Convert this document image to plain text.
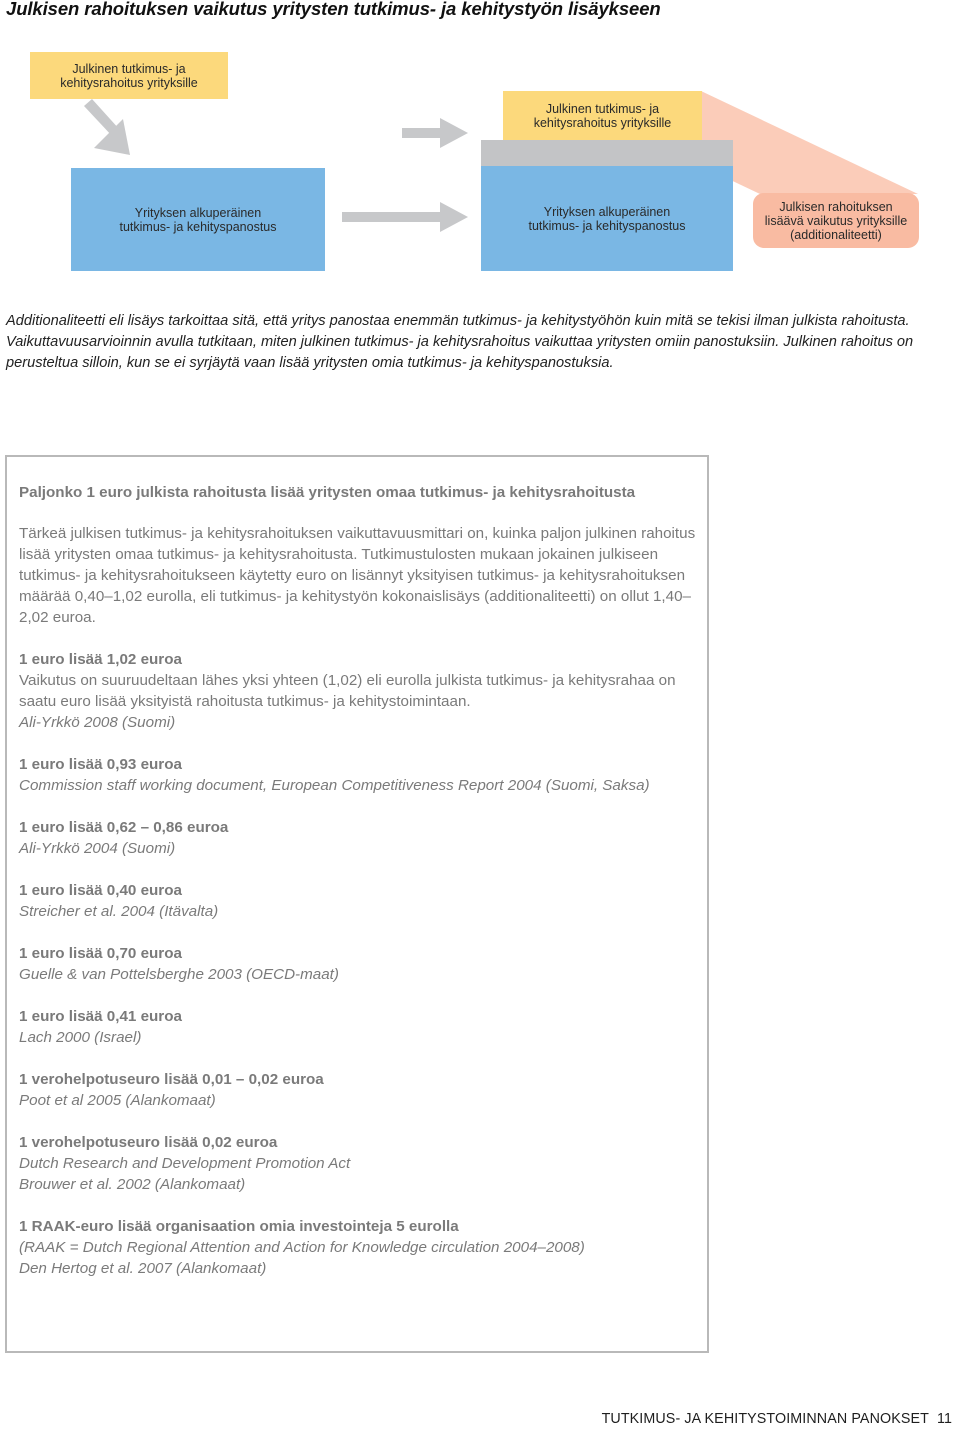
Julkisen rahoituksen vaikutus yritysten tutkimus- ja kehitystyön lisäykseen
Julkinen tutkimus- ja
kehitysrahoitus yrityksille
Yrityksen alkuperäinen
tutkimus- ja kehityspanostus
Julkinen tutkimus- ja
kehitysrahoitus yrityksille
Yrityksen alkuperäinen
tutkimus- ja kehityspanostus
Julkisen rahoituksen
lisäävä vaikutus yrityksille
(additionaliteetti)

Additionaliteetti eli lisäys tarkoittaa sitä, että yritys panostaa enemmän tutkimus- ja kehitystyöhön kuin mitä se tekisi ilman julkista rahoitusta. Vaikuttavuusarvioinnin avulla tutkitaan, miten julkinen tutkimus- ja kehitysrahoitus vaikuttaa yritysten omiin panostuksiin. Julkinen rahoitus on perusteltua silloin, kun se ei syrjäytä vaan lisää yritysten omia tutkimus- ja kehityspanostuksia.

Paljonko 1 euro julkista rahoitusta lisää yritysten omaa tutkimus- ja kehitysrahoitusta

Tärkeä julkisen tutkimus- ja kehitysrahoituksen vaikuttavuusmittari on, kuinka paljon julkinen rahoitus lisää yritysten omaa tutkimus- ja kehitysrahoitusta. Tutkimustulosten mukaan jokainen julkiseen tutkimus- ja kehitysrahoitukseen käytetty euro on lisännyt yksityisen tutkimus- ja kehitysrahoituksen määrää 0,40–1,02 eurolla, eli tutkimus- ja kehitystyön kokonaislisäys (additionaliteetti) on ollut 1,40–2,02 euroa.

1 euro lisää 1,02 euroa
Vaikutus on suuruudeltaan lähes yksi yhteen (1,02) eli eurolla julkista tutkimus- ja kehitysrahaa on saatu euro lisää yksityistä rahoitusta tutkimus- ja kehitystoimintaan.
Ali-Yrkkö 2008 (Suomi)
1 euro lisää 0,93 euroa
Commission staff working document, European Competitiveness Report 2004 (Suomi, Saksa)
1 euro lisää 0,62 – 0,86 euroa
Ali-Yrkkö 2004 (Suomi)
1 euro lisää 0,40 euroa
Streicher et al. 2004 (Itävalta)
1 euro lisää 0,70 euroa
Guelle & van Pottelsberghe 2003 (OECD-maat)
1 euro lisää 0,41 euroa
Lach 2000 (Israel)
1 verohelpotuseuro lisää 0,01 – 0,02 euroa
Poot et al 2005 (Alankomaat)
1 verohelpotuseuro lisää 0,02 euroa
Dutch Research and Development Promotion Act
Brouwer et al. 2002 (Alankomaat)
1 RAAK-euro lisää organisaation omia investointeja 5 eurolla
(RAAK = Dutch Regional Attention and Action for Knowledge circulation 2004–2008)
Den Hertog et al. 2007 (Alankomaat)
TUTKIMUS- JA KEHITYSTOIMINNAN PANOKSET 11
